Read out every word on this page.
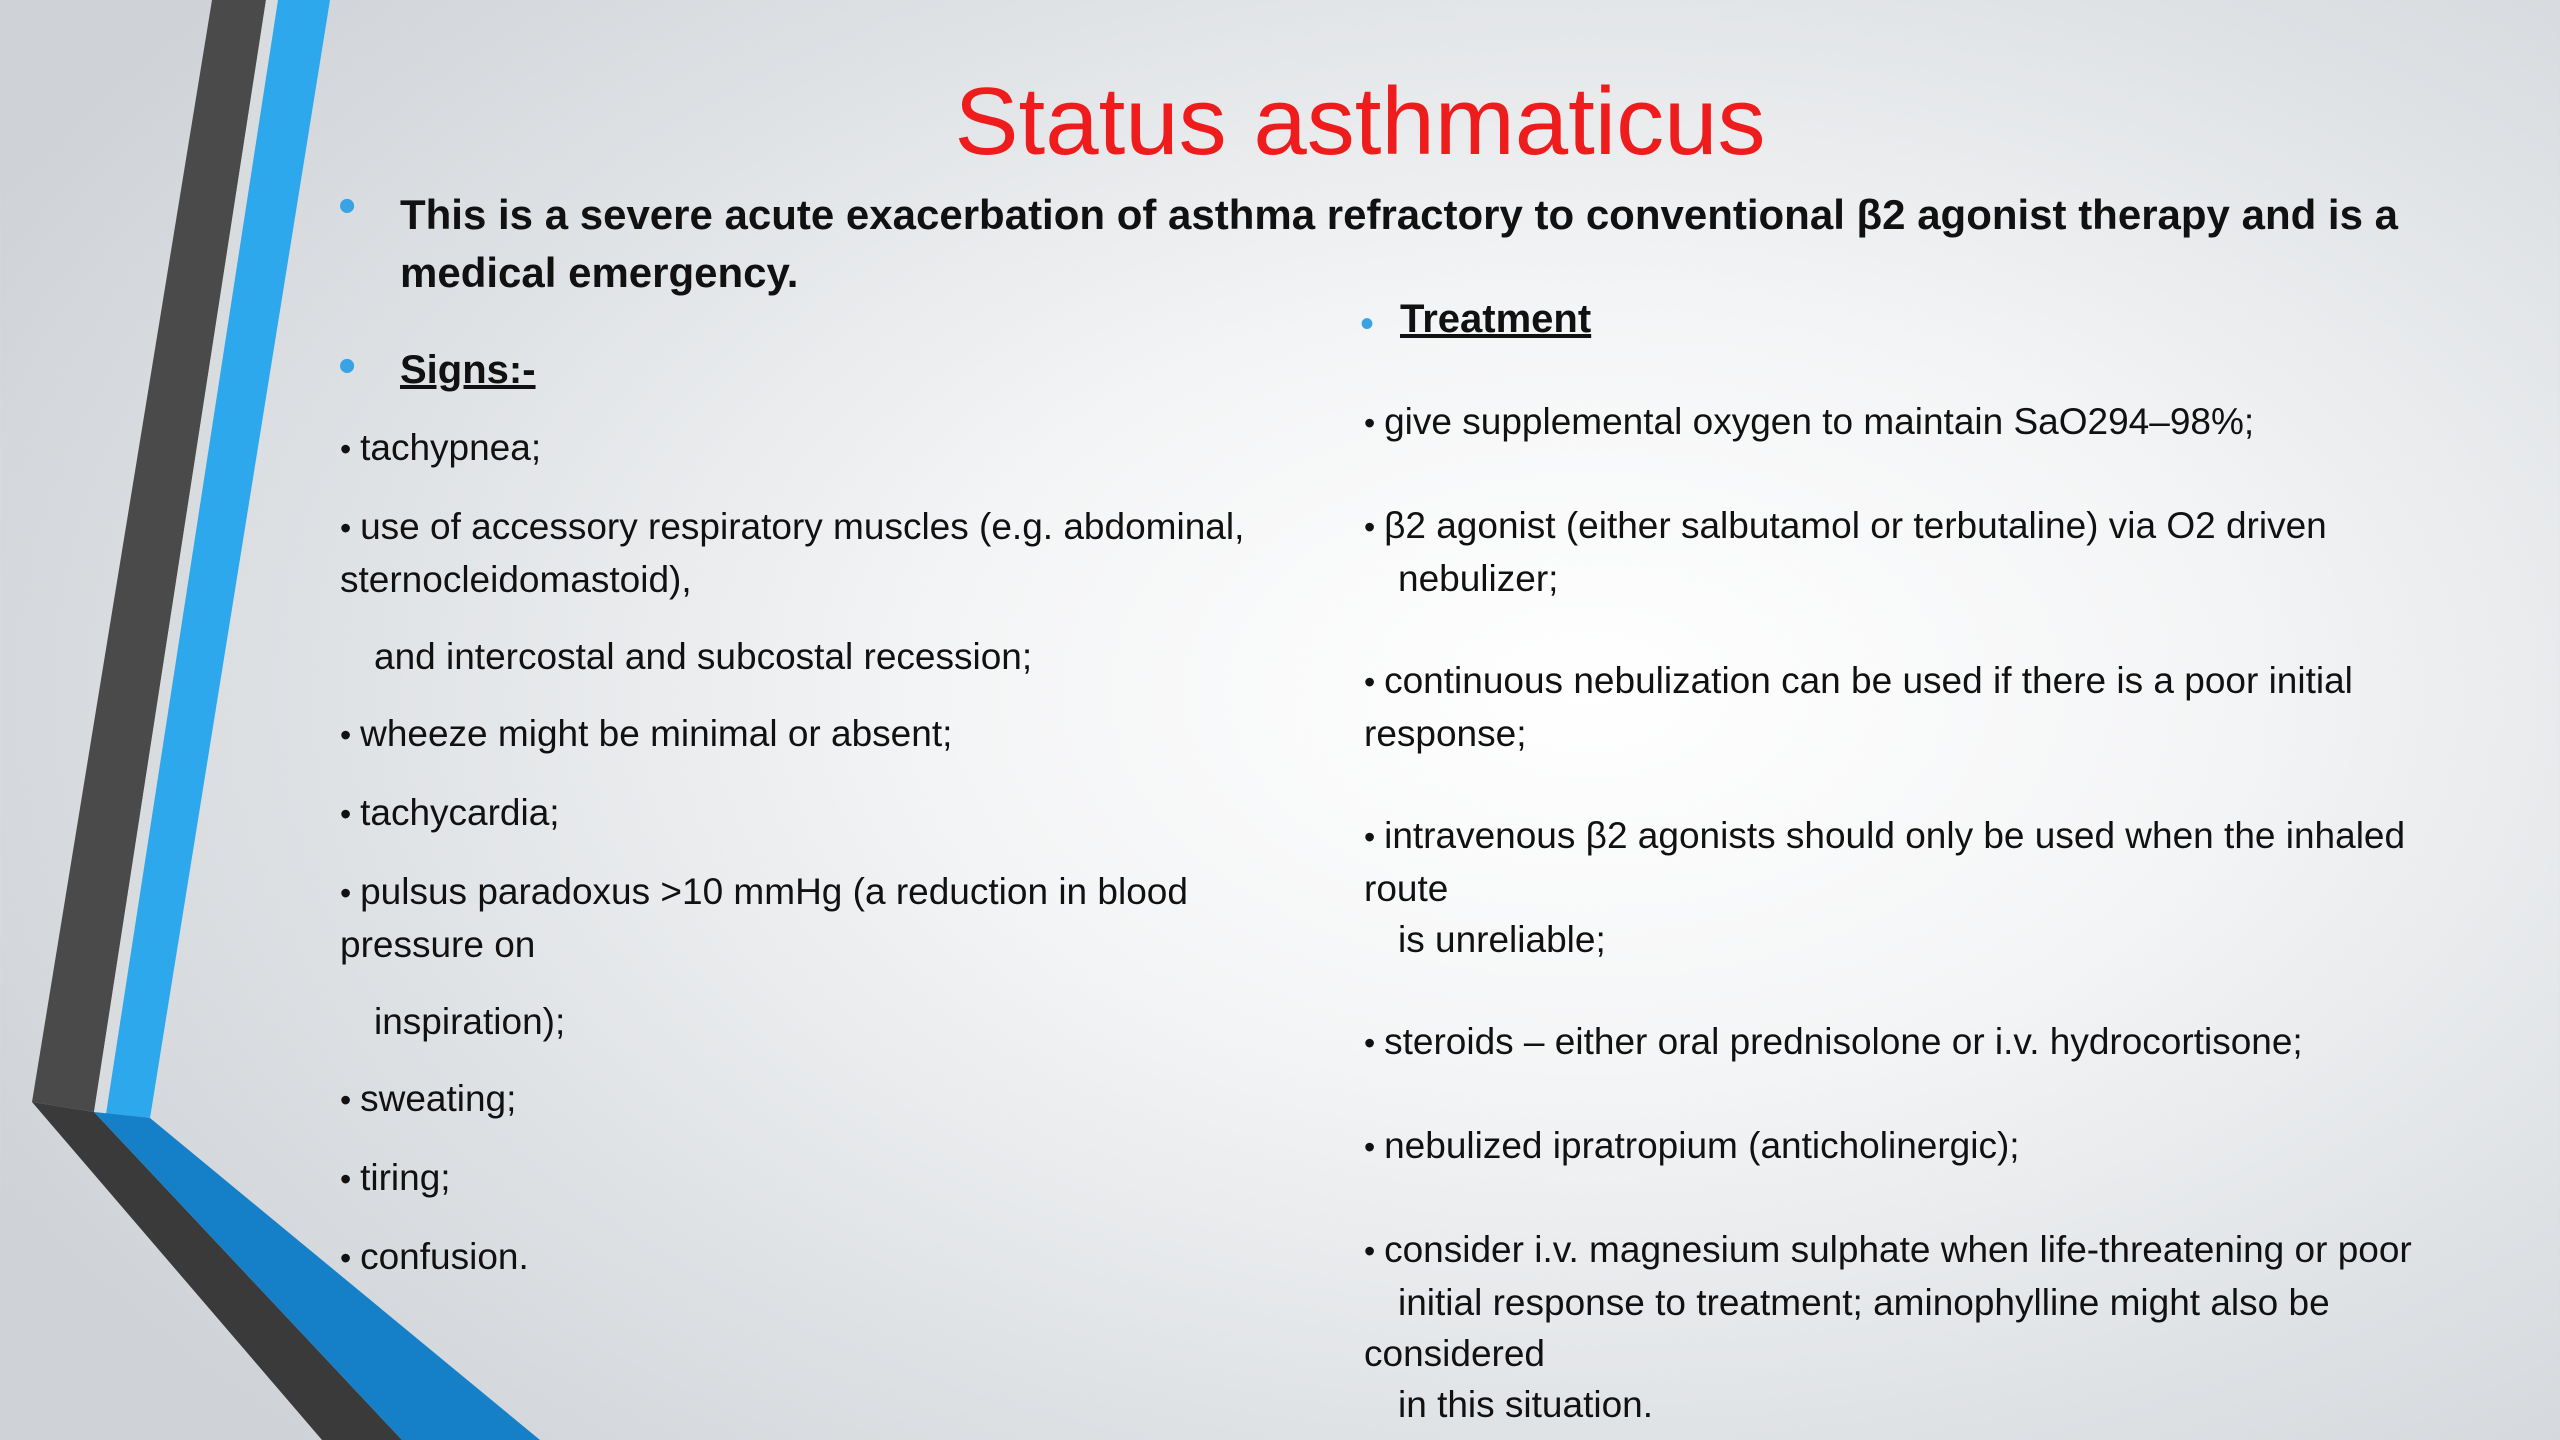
Status asthmaticus
• This is a severe acute exacerbation of asthma refractory to conventional β2 agonist therapy and is a medical emergency.

• Signs:-
• tachypnea;
• use of accessory respiratory muscles (e.g. abdominal,
sternocleidomastoid),
and intercostal and subcostal recession;
• wheeze might be minimal or absent;
• tachycardia;
• pulsus paradoxus >10 mmHg (a reduction in blood
pressure on
inspiration);
• sweating;
• tiring;
• confusion.
• Treatment
• give supplemental oxygen to maintain SaO294–98%;
• β2 agonist (either salbutamol or terbutaline) via O2 driven
nebulizer;
• continuous nebulization can be used if there is a poor initial
response;
• intravenous β2 agonists should only be used when the inhaled
route
is unreliable;
• steroids – either oral prednisolone or i.v. hydrocortisone;
• nebulized ipratropium (anticholinergic);
• consider i.v. magnesium sulphate when life-threatening or poor
initial response to treatment; aminophylline might also be
considered
in this situation.
